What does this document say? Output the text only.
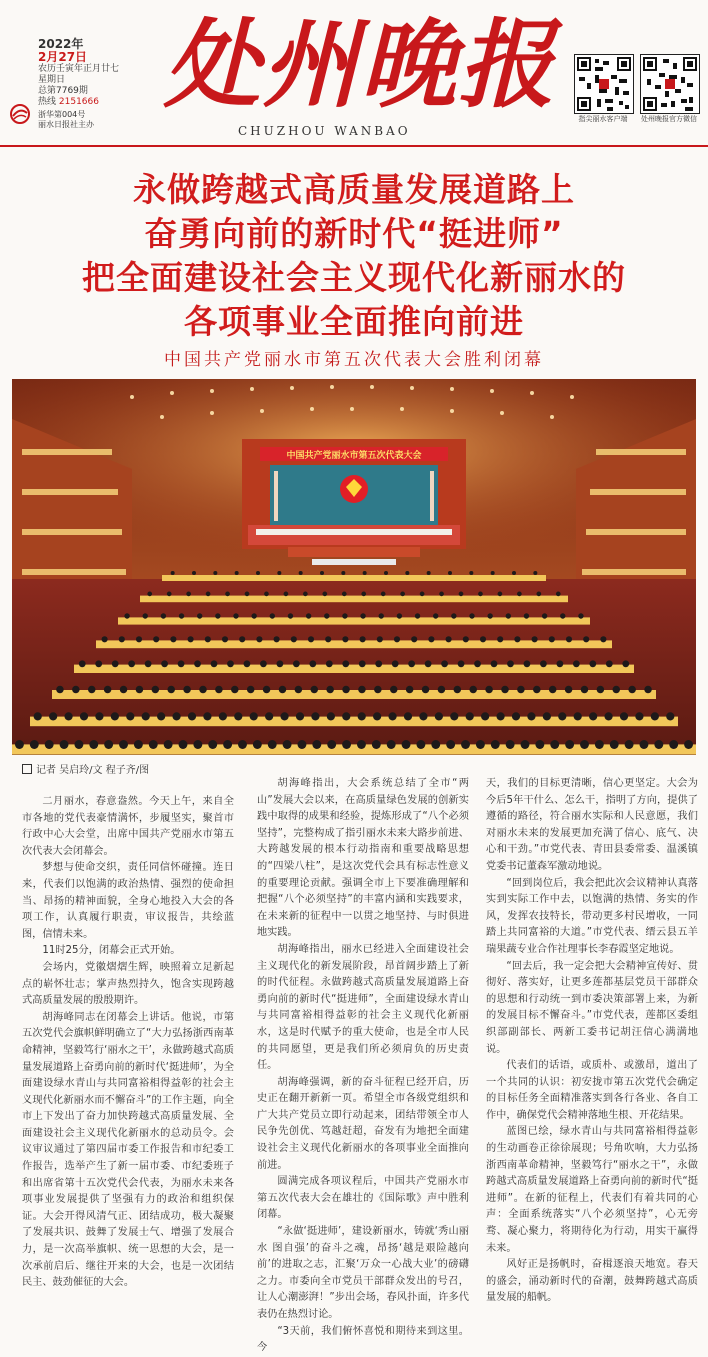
2022年
2月27日
农历壬寅年正月廿七
星期日
总第7769期
热线 2151666
浙华第004号
丽水日报社主办
处州晚报
CHUZHOU WANBAO
指尖丽水客户端	处州晚报官方微信
永做跨越式高质量发展道路上
奋勇向前的新时代“挺进师”
把全面建设社会主义现代化新丽水的
各项事业全面推向前进
中国共产党丽水市第五次代表大会胜利闭幕
中国共产党丽水市第五次代表大会
记者 吴启玲/文 程子齐/图

二月丽水，春意盎然。今天上午，来自全市各地的党代表豪情满怀，步履坚实，聚首市行政中心大会堂，出席中国共产党丽水市第五次代表大会闭幕会。

梦想与使命交织，责任同信怀碰撞。连日来，代表们以饱满的政治热情、强烈的使命担当、昂扬的精神面貌，全身心地投入大会的各项工作，认真履行职责，审议报告，共绘蓝图，信情未来。

11时25分，闭幕会正式开始。

会场内，党徽熠熠生辉，映照着立足新起点的崭怀壮志；掌声热烈持久，饱含实现跨越式高质量发展的殷殷期许。

胡海峰同志在闭幕会上讲话。他说，市第五次党代会旗帜鲜明确立了“大力弘扬浙西南革命精神，坚毅笃行‘丽水之干’，永做跨越式高质量发展道路上奋勇向前的新时代‘挺进师’，为全面建设绿水青山与共同富裕相得益彰的社会主义现代化新丽水而不懈奋斗”的工作主题，向全市上下发出了奋力加快跨越式高质量发展、全面建设社会主义现代化新丽水的总动员令。会议审议通过了第四届市委工作报告和市纪委工作报告，选举产生了新一届市委、市纪委班子和出席省第十五次党代会代表，为丽水未来各项事业发展提供了坚强有力的政治和组织保证。大会开得风清气正、团结成功，极大凝聚了发展共识、鼓舞了发展士气、增强了发展合力，是一次高举旗帜、统一思想的大会，是一次承前启后、继往开来的大会，也是一次团结民主、鼓劲催征的大会。

胡海峰指出，大会系统总结了全市“两山”发展大会以来，在高质量绿色发展的创新实践中取得的成果和经验，提炼形成了“八个必须坚持”，完整构成了指引丽水未来大路步前进、大跨越发展的根本行动指南和重要战略思想的“四梁八柱”，是这次党代会具有标志性意义的重要理论贡献。强调全市上下要准确理解和把握“八个必须坚持”的丰富内涵和实践要求，在未来新的征程中一以贯之地坚持、与时俱进地实践。

胡海峰指出，丽水已经进入全面建设社会主义现代化的新发展阶段，昂首阔步踏上了新的时代征程。永做跨越式高质量发展道路上奋勇向前的新时代“挺进师”，全面建设绿水青山与共同富裕相得益彰的社会主义现代化新丽水，这是时代赋予的重大使命，也是全市人民的共同愿望，更是我们所必须肩负的历史责任。

胡海峰强调，新的奋斗征程已经开启，历史正在翻开新新一页。希望全市各级党组织和广大共产党员立即行动起来，团结带领全市人民争先创优、笃越赶超，奋发有为地把全面建设社会主义现代化新丽水的各项事业全面推向前进。

圆满完成各项议程后，中国共产党丽水市第五次代表大会在雄壮的《国际歌》声中胜利闭幕。

“永做‘挺进师’，建设新丽水，铸就‘秀山丽水 图自强’的奋斗之魂，昂扬‘越是艰险越向前’的进取之志，汇聚‘万众一心战大业’的磅礴之力。市委向全市党员干部群众发出的号召，让人心潮澎湃！”步出会场，春风扑面，许多代表仍在热烈讨论。

“3天前，我们俯怀喜悦和期待来到这里。今

天，我们的目标更清晰，信心更坚定。大会为今后5年干什么、怎么干，指明了方向，提供了遵循的路径，符合丽水实际和人民意愿，我们对丽水未来的发展更加充满了信心、底气、决心和干劲。”市党代表、青田县委常委、温溪镇党委书记董森军激动地说。

“回到岗位后，我会把此次会议精神认真落实到实际工作中去，以饱满的热情、务实的作风，发挥农技特长，带动更多村民增收，一同踏上共同富裕的大道。”市党代表、缙云县五羊瑞果蔬专业合作社理事长李春霞坚定地说。

“回去后，我一定会把大会精神宣传好、贯彻好、落实好，让更多莲都基层党员干部群众的思想和行动统一到市委决策部署上来，为新的发展目标不懈奋斗。”市党代表，莲都区委组织部副部长、两新工委书记胡汪信心满满地说。

代表们的话语，或质朴、或激昂，道出了一个共同的认识：初安拢市第五次党代会确定的目标任务全面精准落实到各行各业、各自工作中，确保党代会精神落地生根、开花结果。

蓝图已绘，绿水青山与共同富裕相得益彰的生动画卷正徐徐展现；号角吹响，大力弘扬浙西南革命精神，坚毅笃行“丽水之干”，永做跨越式高质量发展道路上奋勇向前的新时代“挺进师”。在新的征程上，代表们有着共同的心声：全面系统落实“八个必须坚持”，心无旁骛、凝心聚力，将期待化为行动，用实干赢得未来。

风好正是扬帆时，奋楫逐浪天地宽。春天的盛会，涌动新时代的奋潮，鼓舞跨越式高质量发展的船帆。
